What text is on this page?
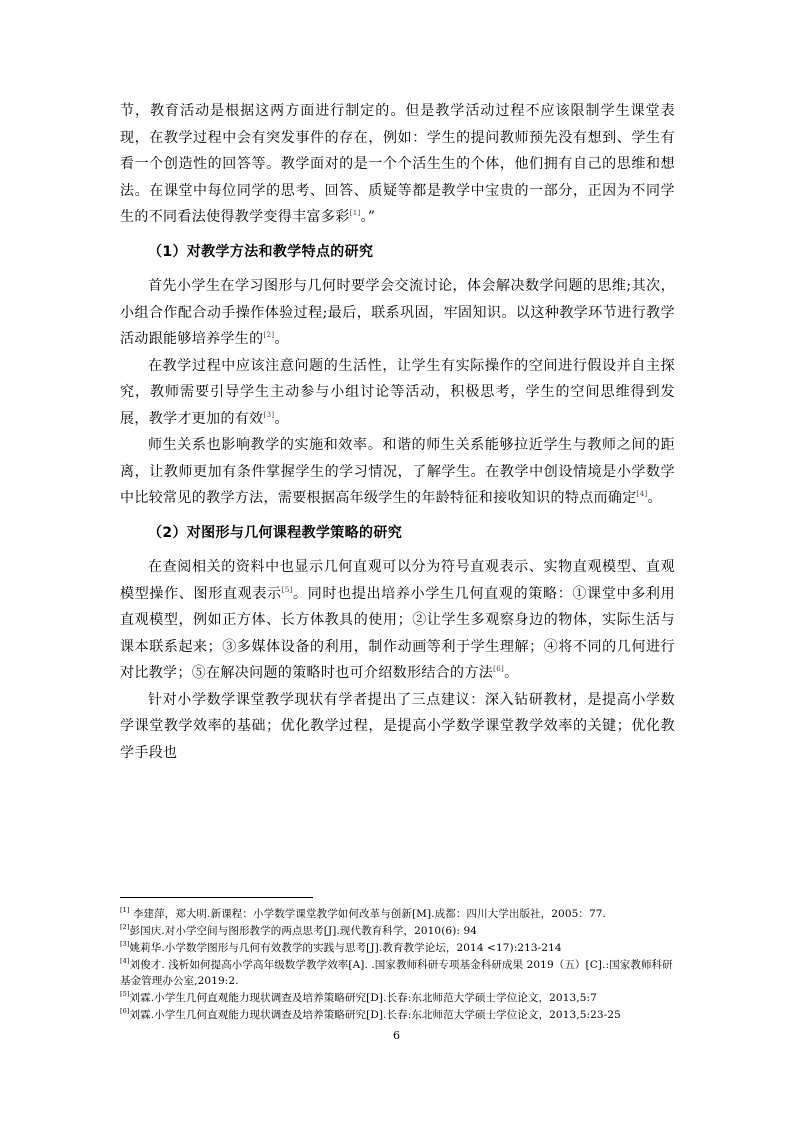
节，教育活动是根据这两方面进行制定的。但是教学活动过程不应该限制学生课堂表现，在教学过程中会有突发事件的存在，例如：学生的提问教师预先没有想到、学生有看一个创造性的回答等。教学面对的是一个个活生生的个体，他们拥有自己的思维和想法。在课堂中每位同学的思考、回答、质疑等都是教学中宝贵的一部分，正因为不同学生的不同看法使得教学变得丰富多彩[1]。”

（1）对教学方法和教学特点的研究

首先小学生在学习图形与几何时要学会交流讨论，体会解决数学问题的思维;其次，小组合作配合动手操作体验过程;最后，联系巩固，牢固知识。以这种教学环节进行教学活动跟能够培养学生的[2]。

在教学过程中应该注意问题的生活性，让学生有实际操作的空间进行假设并自主探究，教师需要引导学生主动参与小组讨论等活动，积极思考，学生的空间思维得到发展，教学才更加的有效[3]。

师生关系也影响教学的实施和效率。和谐的师生关系能够拉近学生与教师之间的距离，让教师更加有条件掌握学生的学习情况，了解学生。在教学中创设情境是小学数学中比较常见的教学方法，需要根据高年级学生的年龄特征和接收知识的特点而确定[4]。

（2）对图形与几何课程教学策略的研究

在查阅相关的资料中也显示几何直观可以分为符号直观表示、实物直观模型、直观模型操作、图形直观表示[5]。同时也提出培养小学生几何直观的策略：①课堂中多利用直观模型，例如正方体、长方体教具的使用；②让学生多观察身边的物体，实际生活与课本联系起来；③多媒体设备的利用，制作动画等利于学生理解；④将不同的几何进行对比教学；⑤在解决问题的策略时也可介绍数形结合的方法[6]。

针对小学数学课堂教学现状有学者提出了三点建议：深入钻研教材，是提高小学数学课堂教学效率的基础；优化教学过程，是提高小学数学课堂教学效率的关键；优化教学手段也

[1] 李建萍，郑大明.新课程：小学数学课堂教学如何改革与创新[M].成都：四川大学出版社，2005：77.

[2]彭国庆.对小学空间与图形教学的两点思考[J].现代教育科学，2010(6): 94

[3]姚莉华.小学数学图形与几何有效教学的实践与思考[J].教育教学论坛，2014 <17):213-214

[4]刘俊才. 浅析如何提高小学高年级数学教学效率[A]. .国家教师科研专项基金科研成果 2019（五）[C].:国家教师科研基金管理办公室,2019:2.

[5]刘霖.小学生几何直观能力现状调查及培养策略研究[D].长春:东北师范大学硕士学位论文，2013,5:7

[6]刘霖.小学生几何直观能力现状调查及培养策略研究[D].长春:东北师范大学硕士学位论文，2013,5:23-25

6
